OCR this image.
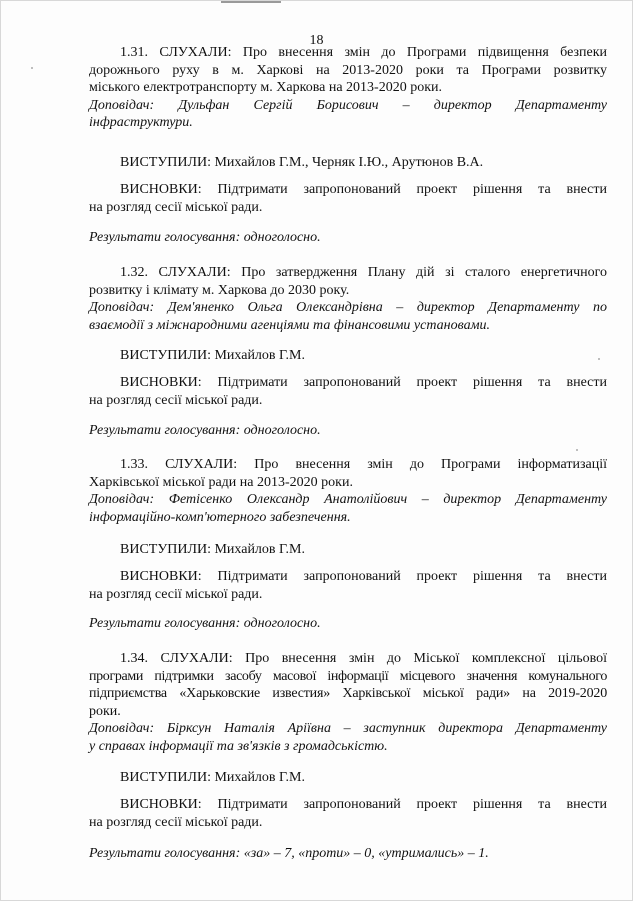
18

1.31. СЛУХАЛИ: Про внесення змін до Програми підвищення безпеки

дорожнього руху в м. Харкові на 2013-2020 роки та Програми розвитку

міського електротранспорту м. Харкова на 2013-2020 роки.

Доповідач: Дульфан Сергій Борисович – директор Департаменту

інфраструктури.

ВИСТУПИЛИ: Михайлов Г.М., Черняк І.Ю., Арутюнов В.А.

ВИСНОВКИ: Підтримати запропонований проект рішення та внести

на розгляд сесії міської ради.

Результати голосування: одноголосно.

1.32. СЛУХАЛИ: Про затвердження Плану дій зі сталого енергетичного

розвитку і клімату м. Харкова до 2030 року.

Доповідач: Дем'яненко Ольга Олександрівна – директор Департаменту по

взаємодії з міжнародними агенціями та фінансовими установами.

ВИСТУПИЛИ: Михайлов Г.М.

ВИСНОВКИ: Підтримати запропонований проект рішення та внести

на розгляд сесії міської ради.

Результати голосування: одноголосно.

1.33. СЛУХАЛИ: Про внесення змін до Програми інформатизації

Харківської міської ради на 2013-2020 роки.

Доповідач: Фетісенко Олександр Анатолійович – директор Департаменту

інформаційно-комп'ютерного забезпечення.

ВИСТУПИЛИ: Михайлов Г.М.

ВИСНОВКИ: Підтримати запропонований проект рішення та внести

на розгляд сесії міської ради.

Результати голосування: одноголосно.

1.34. СЛУХАЛИ: Про внесення змін до Міської комплексної цільової

програми підтримки засобу масової інформації місцевого значення комунального

підприємства «Харьковские известия» Харківської міської ради» на 2019-2020

роки.

Доповідач: Бірксун Наталія Аріївна – заступник директора Департаменту

у справах інформації та зв'язків з громадськістю.

ВИСТУПИЛИ: Михайлов Г.М.

ВИСНОВКИ: Підтримати запропонований проект рішення та внести

на розгляд сесії міської ради.

Результати голосування: «за» – 7, «проти» – 0, «утримались» – 1.
